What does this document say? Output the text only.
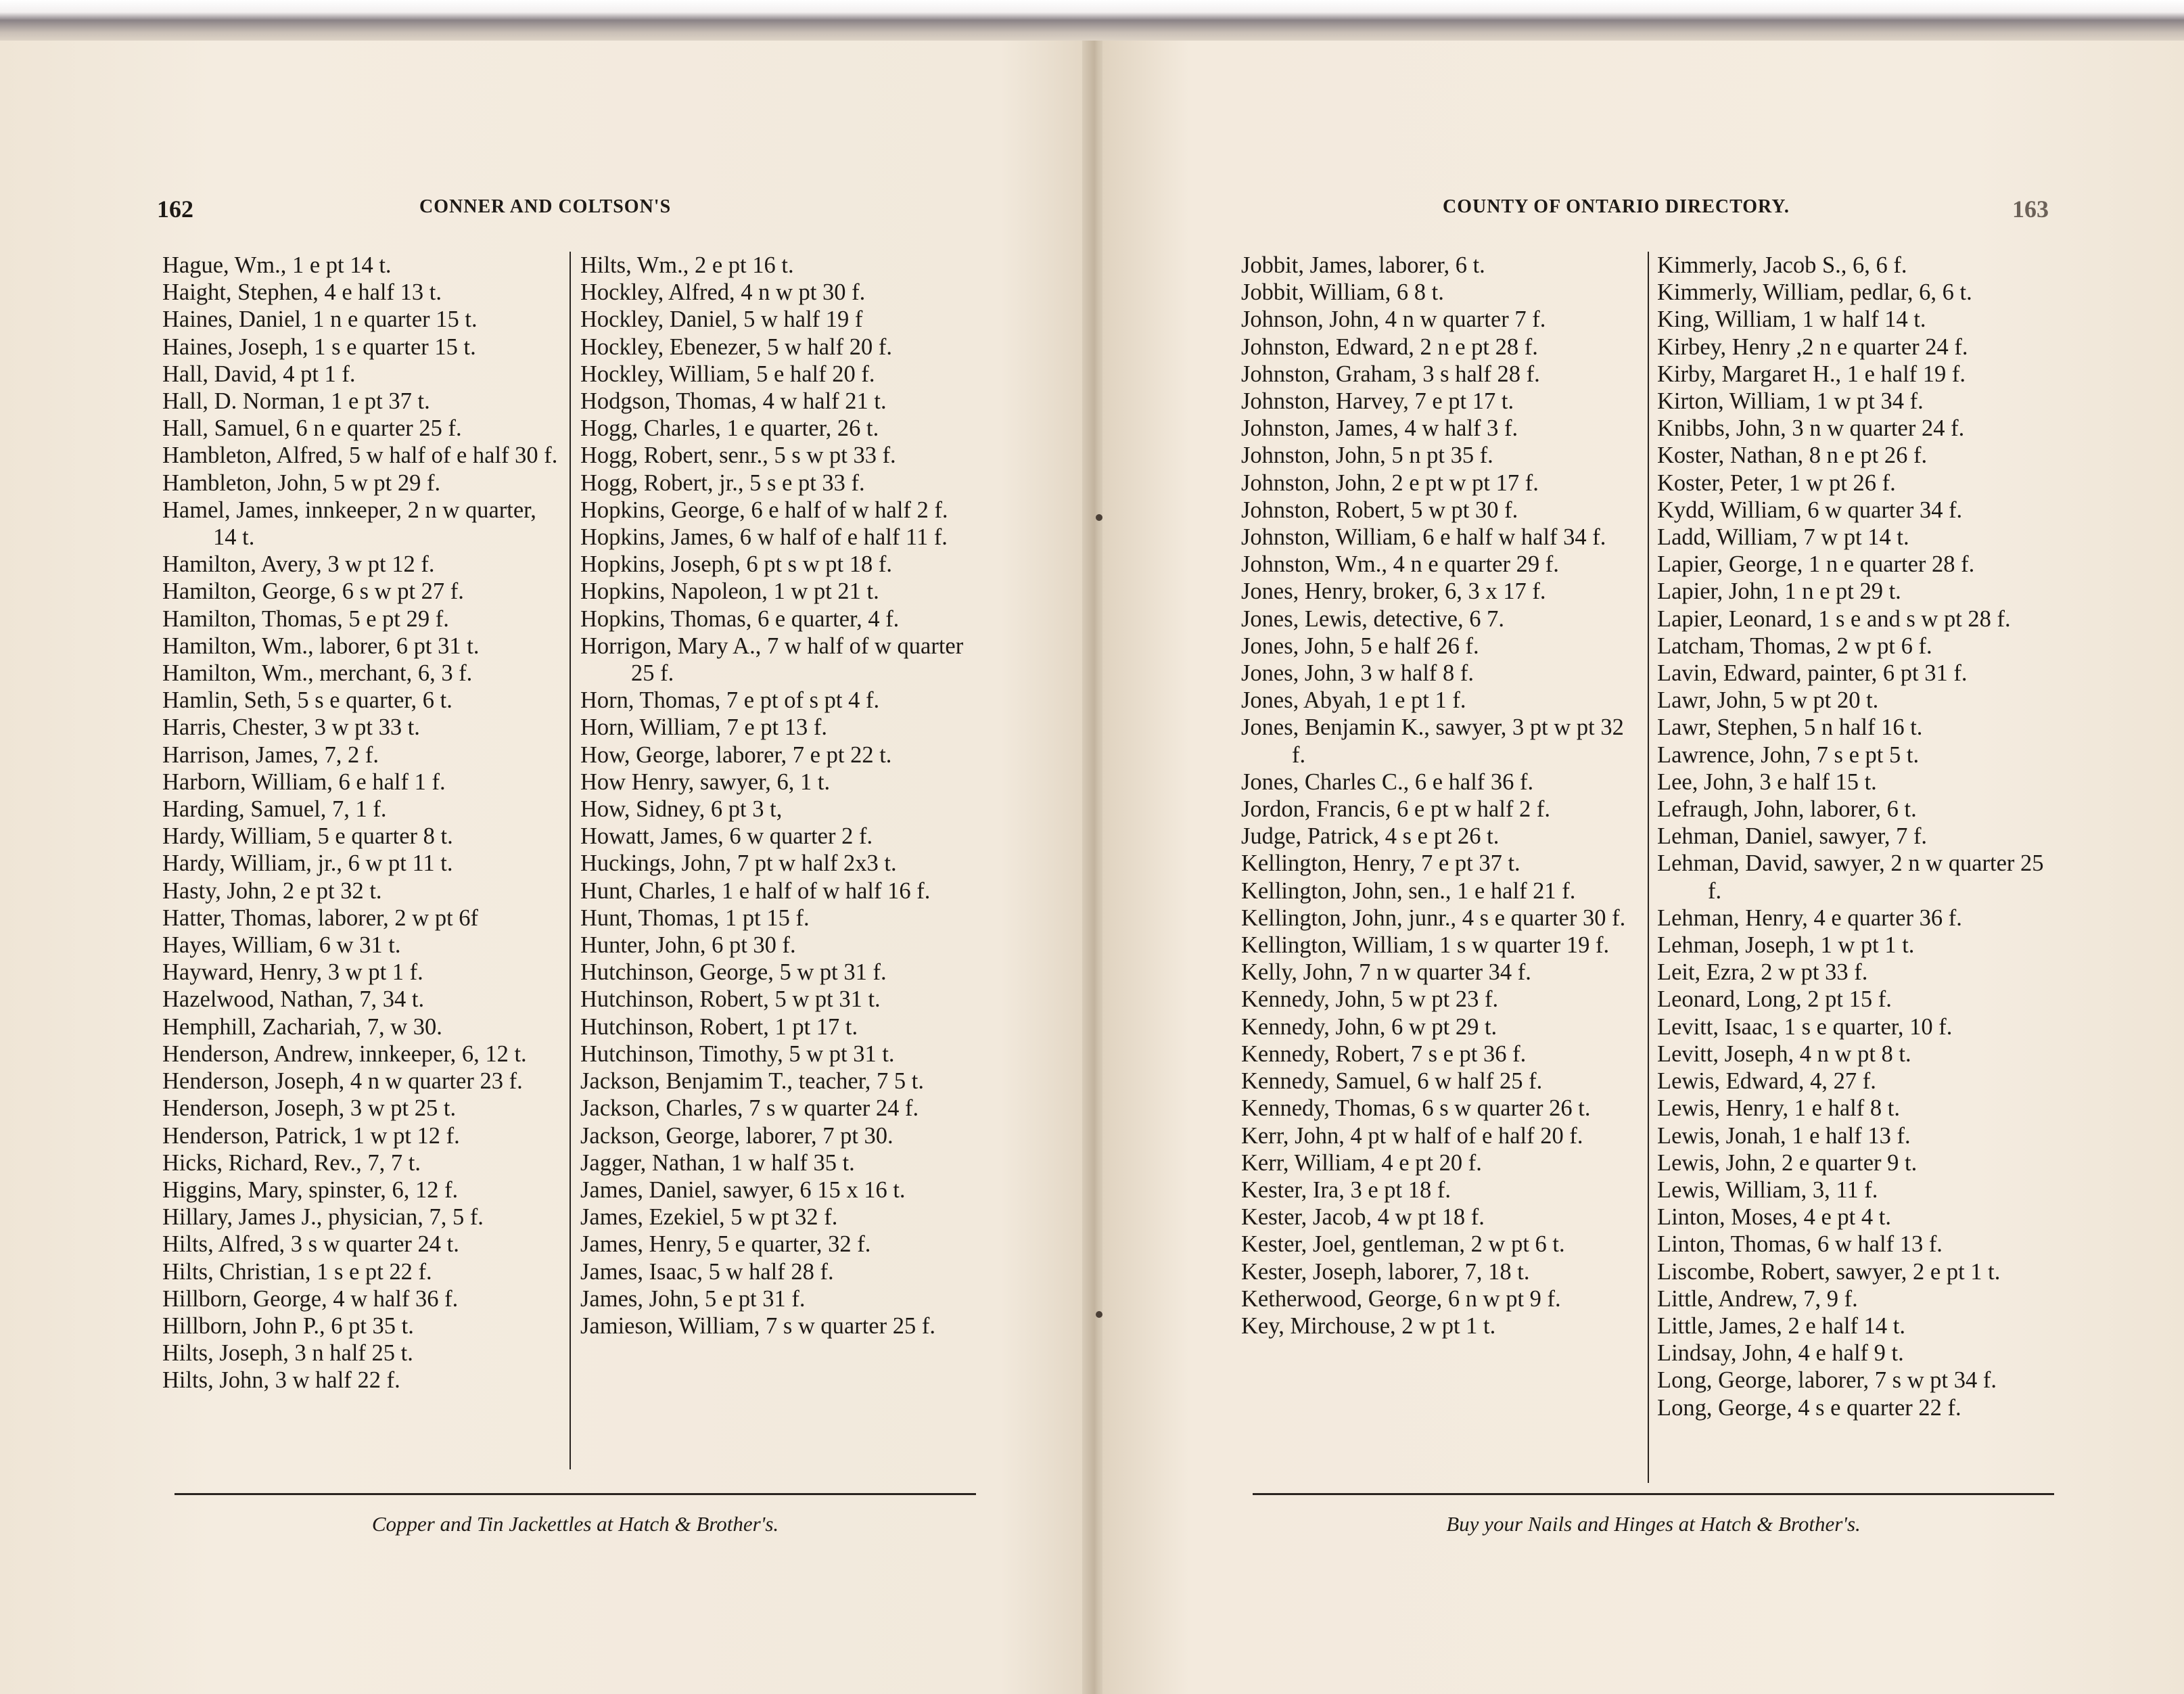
162	CONNER AND COLTSON'S
Hague, Wm., 1 e pt 14 t.
Haight, Stephen, 4 e half 13 t.
Haines, Daniel, 1 n e quarter 15 t.
Haines, Joseph, 1 s e quarter 15 t.
Hall, David, 4 pt 1 f.
Hall, D. Norman, 1 e pt 37 t.
Hall, Samuel, 6 n e quarter 25 f.
Hambleton, Alfred, 5 w half of e half 30 f.
Hambleton, John, 5 w pt 29 f.
Hamel, James, innkeeper, 2 n w quarter, 14 t.
Hamilton, Avery, 3 w pt 12 f.
Hamilton, George, 6 s w pt 27 f.
Hamilton, Thomas, 5 e pt 29 f.
Hamilton, Wm., laborer, 6 pt 31 t.
Hamilton, Wm., merchant, 6, 3 f.
Hamlin, Seth, 5 s e quarter, 6 t.
Harris, Chester, 3 w pt 33 t.
Harrison, James, 7, 2 f.
Harborn, William, 6 e half 1 f.
Harding, Samuel, 7, 1 f.
Hardy, William, 5 e quarter 8 t.
Hardy, William, jr., 6 w pt 11 t.
Hasty, John, 2 e pt 32 t.
Hatter, Thomas, laborer, 2 w pt 6f
Hayes, William, 6 w 31 t.
Hayward, Henry, 3 w pt 1 f.
Hazelwood, Nathan, 7, 34 t.
Hemphill, Zachariah, 7, w 30.
Henderson, Andrew, innkeeper, 6, 12 t.
Henderson, Joseph, 4 n w quarter 23 f.
Henderson, Joseph, 3 w pt 25 t.
Henderson, Patrick, 1 w pt 12 f.
Hicks, Richard, Rev., 7, 7 t.
Higgins, Mary, spinster, 6, 12 f.
Hillary, James J., physician, 7, 5 f.
Hilts, Alfred, 3 s w quarter 24 t.
Hilts, Christian, 1 s e pt 22 f.
Hillborn, George, 4 w half 36 f.
Hillborn, John P., 6 pt 35 t.
Hilts, Joseph, 3 n half 25 t.
Hilts, John, 3 w half 22 f.
Hilts, Wm., 2 e pt 16 t.
Hockley, Alfred, 4 n w pt 30 f.
Hockley, Daniel, 5 w half 19 f
Hockley, Ebenezer, 5 w half 20 f.
Hockley, William, 5 e half 20 f.
Hodgson, Thomas, 4 w half 21 t.
Hogg, Charles, 1 e quarter, 26 t.
Hogg, Robert, senr., 5 s w pt 33 f.
Hogg, Robert, jr., 5 s e pt 33 f.
Hopkins, George, 6 e half of w half 2 f.
Hopkins, James, 6 w half of e half 11 f.
Hopkins, Joseph, 6 pt s w pt 18 f.
Hopkins, Napoleon, 1 w pt 21 t.
Hopkins, Thomas, 6 e quarter, 4 f.
Horrigon, Mary A., 7 w half of w quarter 25 f.
Horn, Thomas, 7 e pt of s pt 4 f.
Horn, William, 7 e pt 13 f.
How, George, laborer, 7 e pt 22 t.
How Henry, sawyer, 6, 1 t.
How, Sidney, 6 pt 3 t,
Howatt, James, 6 w quarter 2 f.
Huckings, John, 7 pt w half 2x3 t.
Hunt, Charles, 1 e half of w half 16 f.
Hunt, Thomas, 1 pt 15 f.
Hunter, John, 6 pt 30 f.
Hutchinson, George, 5 w pt 31 f.
Hutchinson, Robert, 5 w pt 31 t.
Hutchinson, Robert, 1 pt 17 t.
Hutchinson, Timothy, 5 w pt 31 t.
Jackson, Benjamim T., teacher, 7 5 t.
Jackson, Charles, 7 s w quarter 24 f.
Jackson, George, laborer, 7 pt 30.
Jagger, Nathan, 1 w half 35 t.
James, Daniel, sawyer, 6 15 x 16 t.
James, Ezekiel, 5 w pt 32 f.
James, Henry, 5 e quarter, 32 f.
James, Isaac, 5 w half 28 f.
James, John, 5 e pt 31 f.
Jamieson, William, 7 s w quarter 25 f.
Copper and Tin Jackettles at Hatch & Brother's.
COUNTY OF ONTARIO DIRECTORY.	163
Jobbit, James, laborer, 6 t.
Jobbit, William, 6 8 t.
Johnson, John, 4 n w quarter 7 f.
Johnston, Edward, 2 n e pt 28 f.
Johnston, Graham, 3 s half 28 f.
Johnston, Harvey, 7 e pt 17 t.
Johnston, James, 4 w half 3 f.
Johnston, John, 5 n pt 35 f.
Johnston, John, 2 e pt w pt 17 f.
Johnston, Robert, 5 w pt 30 f.
Johnston, William, 6 e half w half 34 f.
Johnston, Wm., 4 n e quarter 29 f.
Jones, Henry, broker, 6, 3 x 17 f.
Jones, Lewis, detective, 6 7.
Jones, John, 5 e half 26 f.
Jones, John, 3 w half 8 f.
Jones, Abyah, 1 e pt 1 f.
Jones, Benjamin K., sawyer, 3 pt w pt 32 f.
Jones, Charles C., 6 e half 36 f.
Jordon, Francis, 6 e pt w half 2 f.
Judge, Patrick, 4 s e pt 26 t.
Kellington, Henry, 7 e pt 37 t.
Kellington, John, sen., 1 e half 21 f.
Kellington, John, junr., 4 s e quarter 30 f.
Kellington, William, 1 s w quarter 19 f.
Kelly, John, 7 n w quarter 34 f.
Kennedy, John, 5 w pt 23 f.
Kennedy, John, 6 w pt 29 t.
Kennedy, Robert, 7 s e pt 36 f.
Kennedy, Samuel, 6 w half 25 f.
Kennedy, Thomas, 6 s w quarter 26 t.
Kerr, John, 4 pt w half of e half 20 f.
Kerr, William, 4 e pt 20 f.
Kester, Ira, 3 e pt 18 f.
Kester, Jacob, 4 w pt 18 f.
Kester, Joel, gentleman, 2 w pt 6 t.
Kester, Joseph, laborer, 7, 18 t.
Ketherwood, George, 6 n w pt 9 f.
Key, Mirchouse, 2 w pt 1 t.
Kimmerly, Jacob S., 6, 6 f.
Kimmerly, William, pedlar, 6, 6 t.
King, William, 1 w half 14 t.
Kirbey, Henry ,2 n e quarter 24 f.
Kirby, Margaret H., 1 e half 19 f.
Kirton, William, 1 w pt 34 f.
Knibbs, John, 3 n w quarter 24 f.
Koster, Nathan, 8 n e pt 26 f.
Koster, Peter, 1 w pt 26 f.
Kydd, William, 6 w quarter 34 f.
Ladd, William, 7 w pt 14 t.
Lapier, George, 1 n e quarter 28 f.
Lapier, John, 1 n e pt 29 t.
Lapier, Leonard, 1 s e and s w pt 28 f.
Latcham, Thomas, 2 w pt 6 f.
Lavin, Edward, painter, 6 pt 31 f.
Lawr, John, 5 w pt 20 t.
Lawr, Stephen, 5 n half 16 t.
Lawrence, John, 7 s e pt 5 t.
Lee, John, 3 e half 15 t.
Lefraugh, John, laborer, 6 t.
Lehman, Daniel, sawyer, 7 f.
Lehman, David, sawyer, 2 n w quarter 25 f.
Lehman, Henry, 4 e quarter 36 f.
Lehman, Joseph, 1 w pt 1 t.
Leit, Ezra, 2 w pt 33 f.
Leonard, Long, 2 pt 15 f.
Levitt, Isaac, 1 s e quarter, 10 f.
Levitt, Joseph, 4 n w pt 8 t.
Lewis, Edward, 4, 27 f.
Lewis, Henry, 1 e half 8 t.
Lewis, Jonah, 1 e half 13 f.
Lewis, John, 2 e quarter 9 t.
Lewis, William, 3, 11 f.
Linton, Moses, 4 e pt 4 t.
Linton, Thomas, 6 w half 13 f.
Liscombe, Robert, sawyer, 2 e pt 1 t.
Little, Andrew, 7, 9 f.
Little, James, 2 e half 14 t.
Lindsay, John, 4 e half 9 t.
Long, George, laborer, 7 s w pt 34 f.
Long, George, 4 s e quarter 22 f.
Buy your Nails and Hinges at Hatch & Brother's.
